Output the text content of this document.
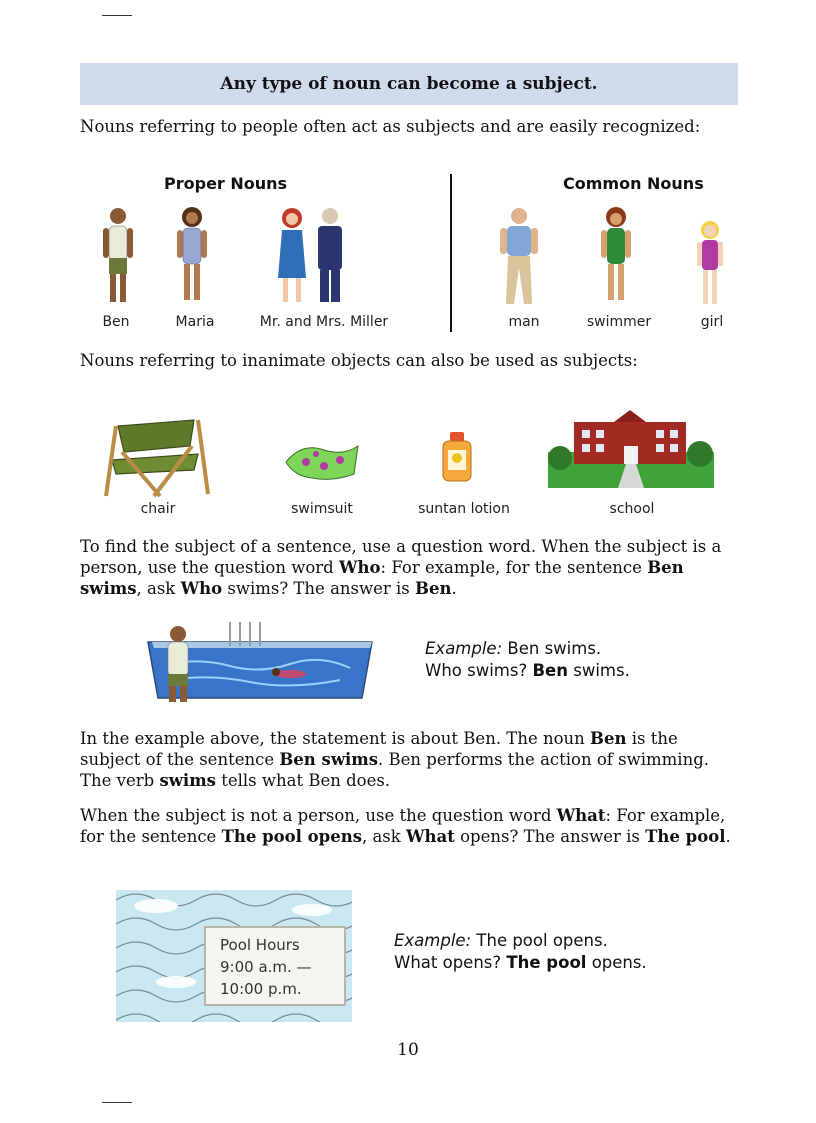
Any type of noun can become a subject.

Nouns referring to people often act as subjects and are easily recognized:

Proper Nouns	Common Nouns
Ben	Maria	Mr. and Mrs. Miller	man	swimmer	girl

Nouns referring to inanimate objects can also be used as subjects:

chair	swimsuit	suntan lotion	school

To find the subject of a sentence, use a question word. When the subject is a person, use the question word Who: For example, for the sentence Ben swims, ask Who swims? The answer is Ben.

Example: Ben swims.
Who swims? Ben swims.

In the example above, the statement is about Ben. The noun Ben is the subject of the sentence Ben swims. Ben performs the action of swimming. The verb swims tells what Ben does.

When the subject is not a person, use the question word What: For example, for the sentence The pool opens, ask What opens? The answer is The pool.

Pool Hours
9:00 a.m. —
10:00 p.m.
Example: The pool opens.
What opens? The pool opens.
10
